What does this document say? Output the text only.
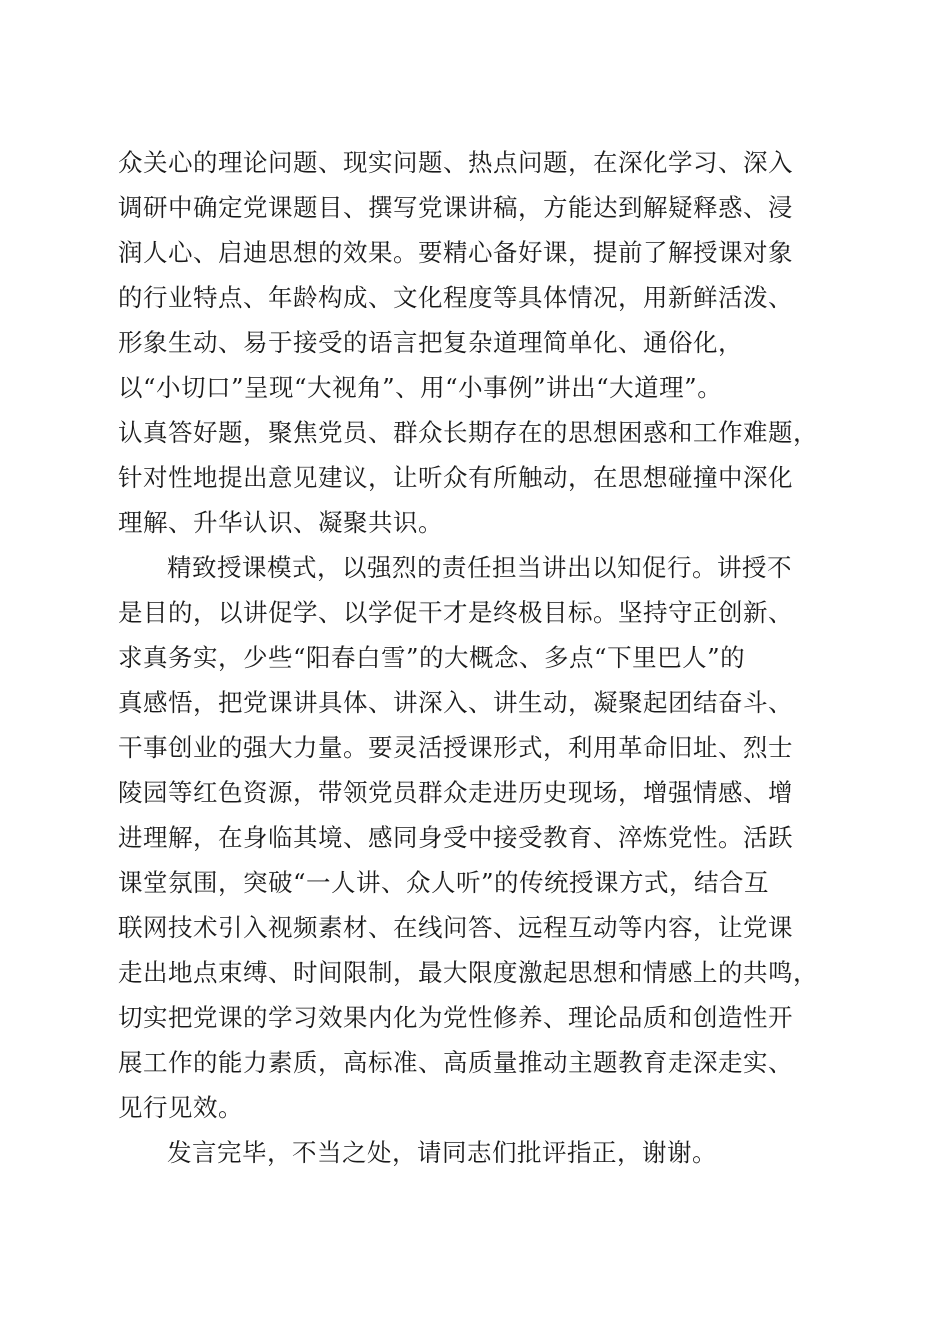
众关心的理论问题、现实问题、热点问题，在深化学习、深入
调研中确定党课题目、撰写党课讲稿，方能达到解疑释惑、浸
润人心、启迪思想的效果。要精心备好课，提前了解授课对象
的行业特点、年龄构成、文化程度等具体情况，用新鲜活泼、
形象生动、易于接受的语言把复杂道理简单化、通俗化，
以“小切口”呈现“大视角”、用“小事例”讲出“大道理”。
认真答好题，聚焦党员、群众长期存在的思想困惑和工作难题，
针对性地提出意见建议，让听众有所触动，在思想碰撞中深化
理解、升华认识、凝聚共识。
精致授课模式，以强烈的责任担当讲出以知促行。讲授不
是目的，以讲促学、以学促干才是终极目标。坚持守正创新、
求真务实，少些“阳春白雪”的大概念、多点“下里巴人”的
真感悟，把党课讲具体、讲深入、讲生动，凝聚起团结奋斗、
干事创业的强大力量。要灵活授课形式，利用革命旧址、烈士
陵园等红色资源，带领党员群众走进历史现场，增强情感、增
进理解，在身临其境、感同身受中接受教育、淬炼党性。活跃
课堂氛围，突破“一人讲、众人听”的传统授课方式，结合互
联网技术引入视频素材、在线问答、远程互动等内容，让党课
走出地点束缚、时间限制，最大限度激起思想和情感上的共鸣，
切实把党课的学习效果内化为党性修养、理论品质和创造性开
展工作的能力素质，高标准、高质量推动主题教育走深走实、
见行见效。
发言完毕，不当之处，请同志们批评指正，谢谢。
